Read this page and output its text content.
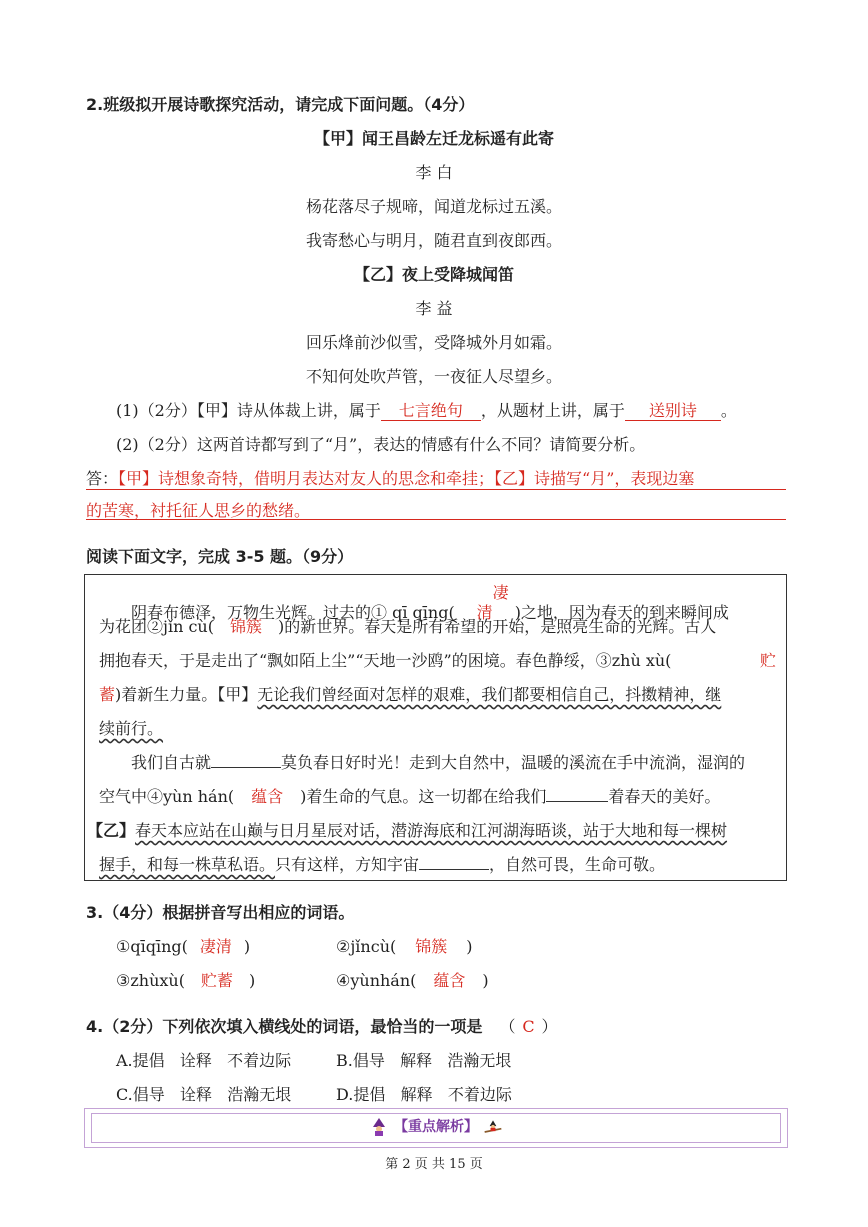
2.班级拟开展诗歌探究活动，请完成下面问题。（4分）
【甲】闻王昌龄左迁龙标遥有此寄
李 白
杨花落尽子规啼，闻道龙标过五溪。
我寄愁心与明月，随君直到夜郎西。
【乙】夜上受降城闻笛
李 益
回乐烽前沙似雪，受降城外月如霜。
不知何处吹芦管，一夜征人尽望乡。
(1)（2分）【甲】诗从体裁上讲，属于 七言绝句 ，从题材上讲，属于 送别诗 。
(2)（2分）这两首诗都写到了“月”，表达的情感有什么不同？请简要分析。
答：【甲】诗想象奇特，借明月表达对友人的思念和牵挂；【乙】诗描写“月”，表现边塞
的苦寒，衬托征人思乡的愁绪。
阅读下面文字，完成 3-5 题。（9分）

阴春布德泽，万物生光辉。过去的① qī qīng(凄清 )之地，因为春天的到来瞬间成

为花团②jǐn cù( 锦簇 )的新世界。春天是所有希望的开始，是照亮生命的光辉。古人

拥抱春天，于是走出了“飘如陌上尘”“天地一沙鸥”的困境。春色静绥，③zhù xù(	贮

蓄)着新生力量。【甲】无论我们曾经面对怎样的艰难，我们都要相信自己，抖擞精神，继

续前行。

我们自古就	莫负春日好时光！走到大自然中，温暖的溪流在手中流淌，湿润的

空气中④yùn hán( 蕴含 )着生命的气息。这一切都在给我们	着春天的美好。

【乙】春天本应站在山巅与日月星辰对话，潜游海底和江河湖海晤谈，站于大地和每一棵树

握手，和每一株草私语。只有这样，方知宇宙	，自然可畏，生命可敬。

3.（4分）根据拼音写出相应的词语。
①qīqīng( 凄清 )	②jǐncù( 锦簇 )
③zhùxù( 贮蓄 )	④yùnhán( 蕴含 )
4.（2分）下列依次填入横线处的词语，最恰当的一项是 （ C ）
A.提倡   诠释   不着边际	B.倡导   解释   浩瀚无垠
C.倡导   诠释   浩瀚无垠	D.提倡   解释   不着边际
【重点解析】
第 2 页 共 15 页
